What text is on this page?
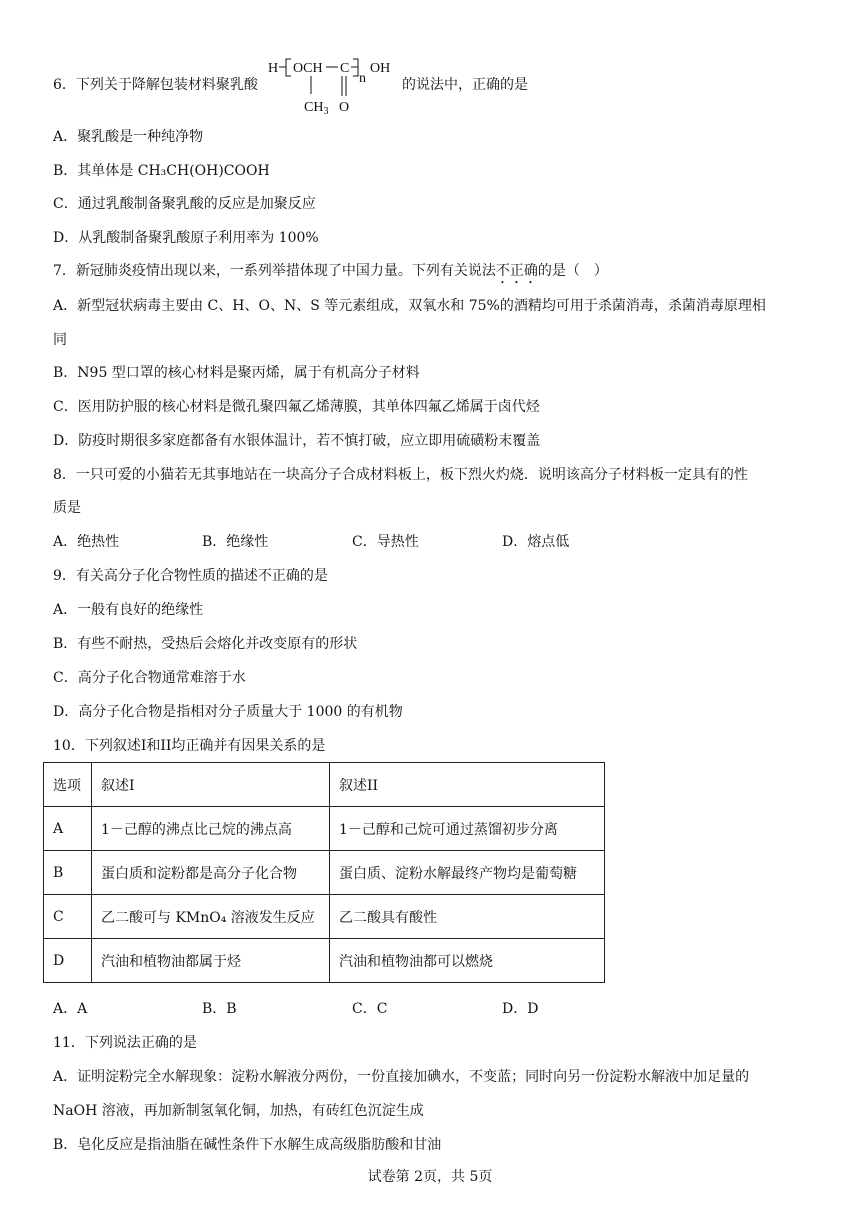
6．下列关于降解包装材料聚乳酸
H OCH C
n
OH
$CH_3$ O
的说法中，正确的是
A．聚乳酸是一种纯净物
B．其单体是 CH₃CH(OH)COOH
C．通过乳酸制备聚乳酸的反应是加聚反应
D．从乳酸制备聚乳酸原子利用率为 100%
7．新冠肺炎疫情出现以来，一系列举措体现了中国力量。下列有关说法不正确的是（　）
A．新型冠状病毒主要由 C、H、O、N、S 等元素组成，双氧水和 75%的酒精均可用于杀菌消毒，杀菌消毒原理相
同
B．N95 型口罩的核心材料是聚丙烯，属于有机高分子材料
C．医用防护服的核心材料是微孔聚四氟乙烯薄膜，其单体四氟乙烯属于卤代烃
D．防疫时期很多家庭都备有水银体温计，若不慎打破，应立即用硫磺粉末覆盖
8．一只可爱的小猫若无其事地站在一块高分子合成材料板上，板下烈火灼烧．说明该高分子材料板一定具有的性
质是
A．绝热性	B．绝缘性	C．导热性	D．熔点低
9．有关高分子化合物性质的描述不正确的是
A．一般有良好的绝缘性
B．有些不耐热，受热后会熔化并改变原有的形状
C．高分子化合物通常难溶于水
D．高分子化合物是指相对分子质量大于 1000 的有机物
10．下列叙述I和II均正确并有因果关系的是
选项	叙述I	叙述II
A	1－己醇的沸点比己烷的沸点高	1－己醇和己烷可通过蒸馏初步分离
B	蛋白质和淀粉都是高分子化合物	蛋白质、淀粉水解最终产物均是葡萄糖
C	乙二酸可与 KMnO₄ 溶液发生反应	乙二酸具有酸性
D	汽油和植物油都属于烃	汽油和植物油都可以燃烧
A．A	B．B	C．C	D．D
11．下列说法正确的是
A．证明淀粉完全水解现象：淀粉水解液分两份，一份直接加碘水，不变蓝；同时向另一份淀粉水解液中加足量的
NaOH 溶液，再加新制氢氧化铜，加热，有砖红色沉淀生成
B．皂化反应是指油脂在碱性条件下水解生成高级脂肪酸和甘油
试卷第 2页，共 5页
